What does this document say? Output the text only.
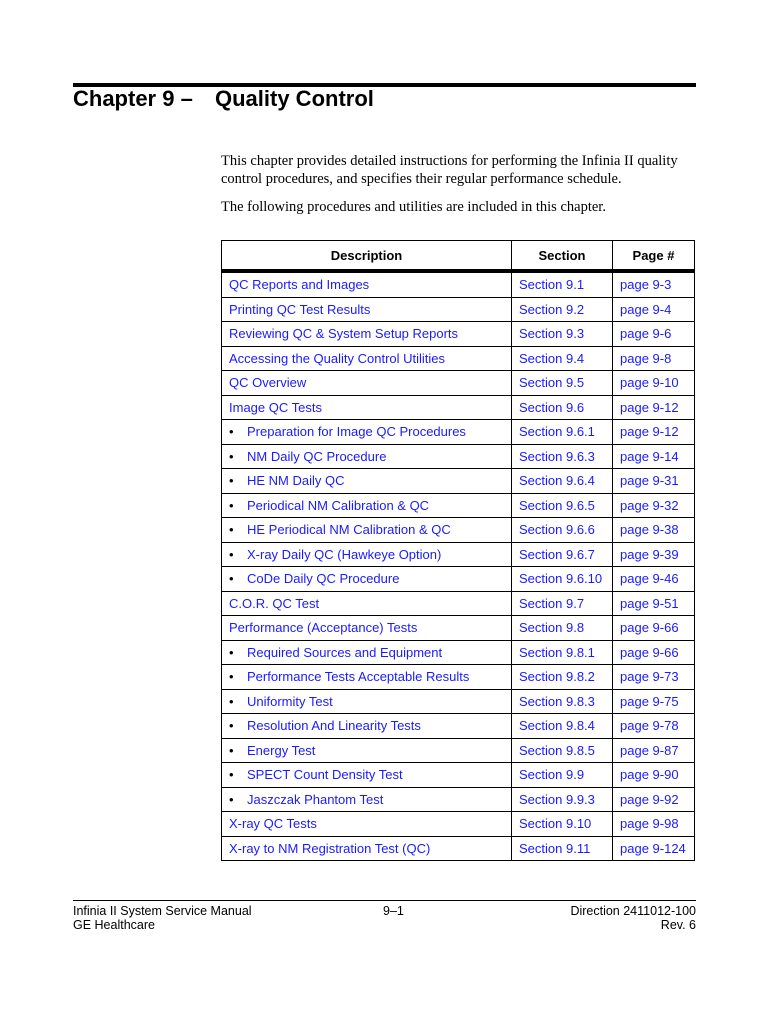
Chapter 9 – Quality Control

This chapter provides detailed instructions for performing the Infinia II quality control procedures, and specifies their regular performance schedule.

The following procedures and utilities are included in this chapter.

Description	Section	Page #
QC Reports and Images	Section 9.1	page 9-3
Printing QC Test Results	Section 9.2	page 9-4
Reviewing QC & System Setup Reports	Section 9.3	page 9-6
Accessing the Quality Control Utilities	Section 9.4	page 9-8
QC Overview	Section 9.5	page 9-10
Image QC Tests	Section 9.6	page 9-12
• Preparation for Image QC Procedures	Section 9.6.1	page 9-12
• NM Daily QC Procedure	Section 9.6.3	page 9-14
• HE NM Daily QC	Section 9.6.4	page 9-31
• Periodical NM Calibration & QC	Section 9.6.5	page 9-32
• HE Periodical NM Calibration & QC	Section 9.6.6	page 9-38
• X-ray Daily QC (Hawkeye Option)	Section 9.6.7	page 9-39
• CoDe Daily QC Procedure	Section 9.6.10	page 9-46
C.O.R. QC Test	Section 9.7	page 9-51
Performance (Acceptance) Tests	Section 9.8	page 9-66
• Required Sources and Equipment	Section 9.8.1	page 9-66
• Performance Tests Acceptable Results	Section 9.8.2	page 9-73
• Uniformity Test	Section 9.8.3	page 9-75
• Resolution And Linearity Tests	Section 9.8.4	page 9-78
• Energy Test	Section 9.8.5	page 9-87
• SPECT Count Density Test	Section 9.9	page 9-90
• Jaszczak Phantom Test	Section 9.9.3	page 9-92
X-ray QC Tests	Section 9.10	page 9-98
X-ray to NM Registration Test (QC)	Section 9.11	page 9-124
Infinia II System Service Manual
GE Healthcare
9–1	Direction 2411012-100
Rev. 6
